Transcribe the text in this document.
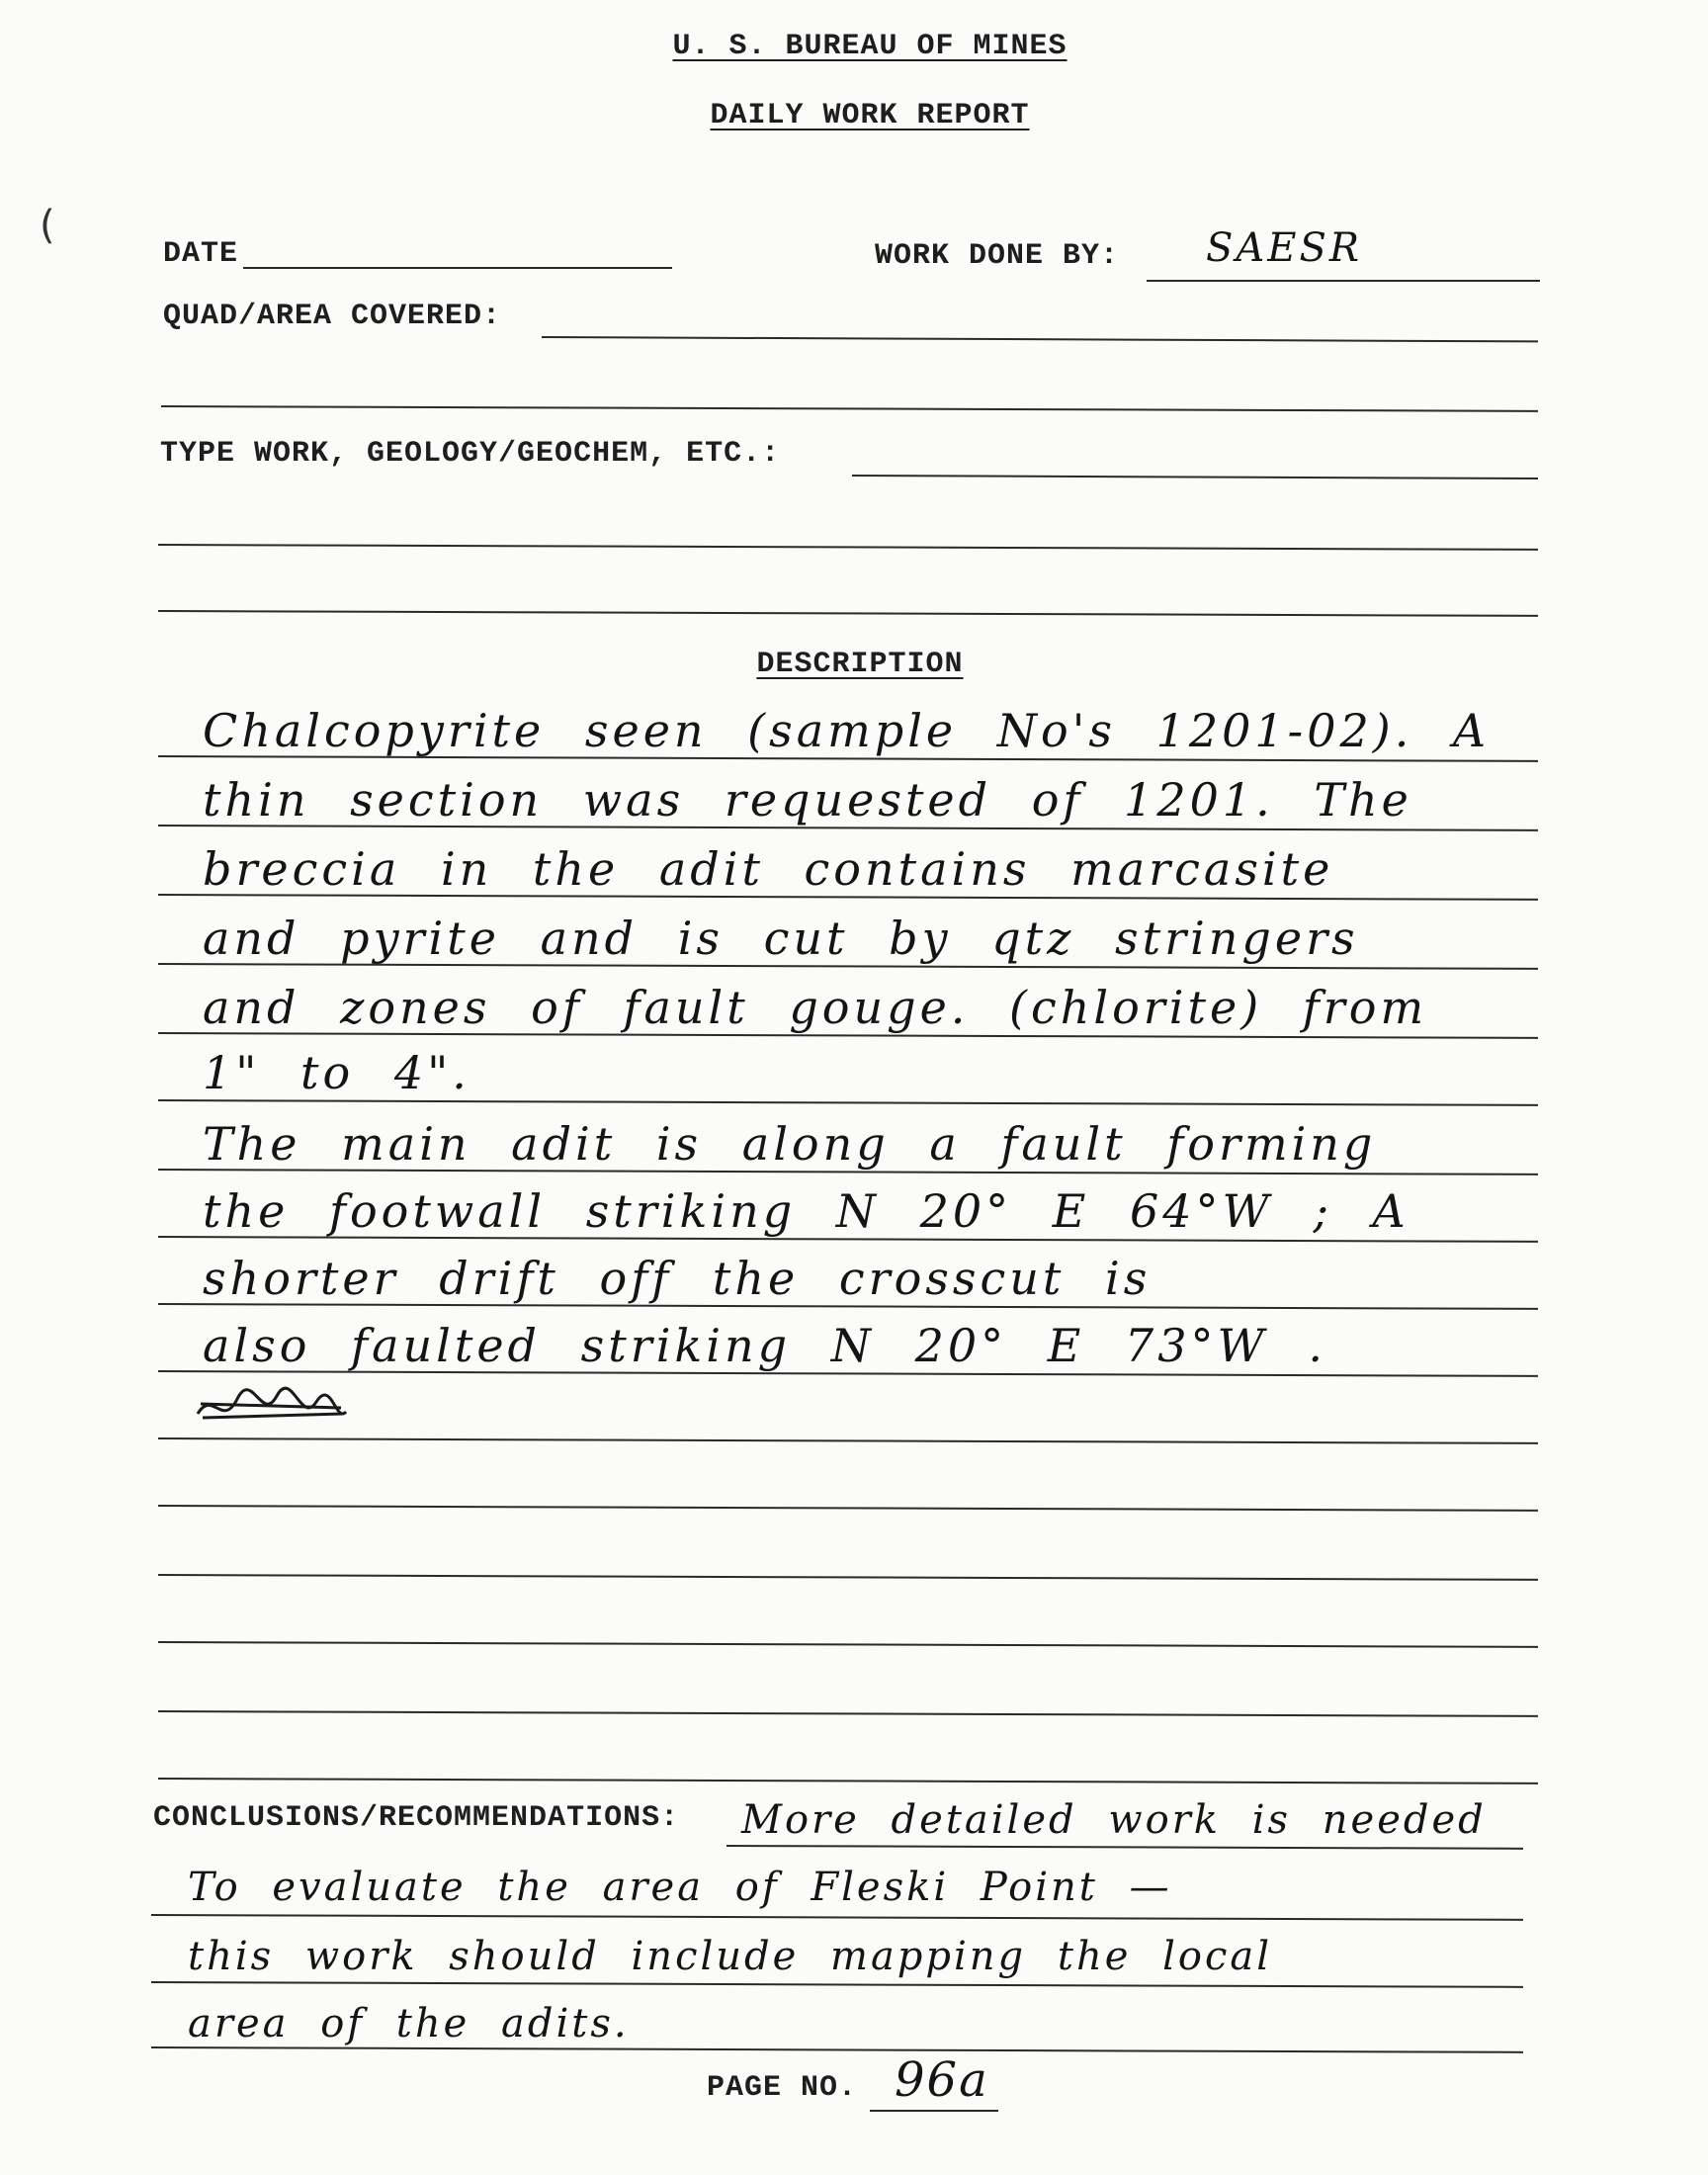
U. S. BUREAU OF MINES
DAILY WORK REPORT
(
DATE	WORK DONE BY: SAESR
QUAD/AREA COVERED:
TYPE WORK, GEOLOGY/GEOCHEM, ETC.:
DESCRIPTION
Chalcopyrite seen (sample No's 1201-02). A
thin section was requested of 1201. The
breccia in the adit contains marcasite
and pyrite and is cut by qtz stringers
and zones of fault gouge. (chlorite) from
1" to 4".
The main adit is along a fault forming
the footwall striking N 20° E 64°W ; A
shorter drift off the crosscut is
also faulted striking N 20° E 73°W .
CONCLUSIONS/RECOMMENDATIONS: More detailed work is needed
To evaluate the area of Fleski Point —
this work should include mapping the local
area of the adits.
PAGE NO. 96a
